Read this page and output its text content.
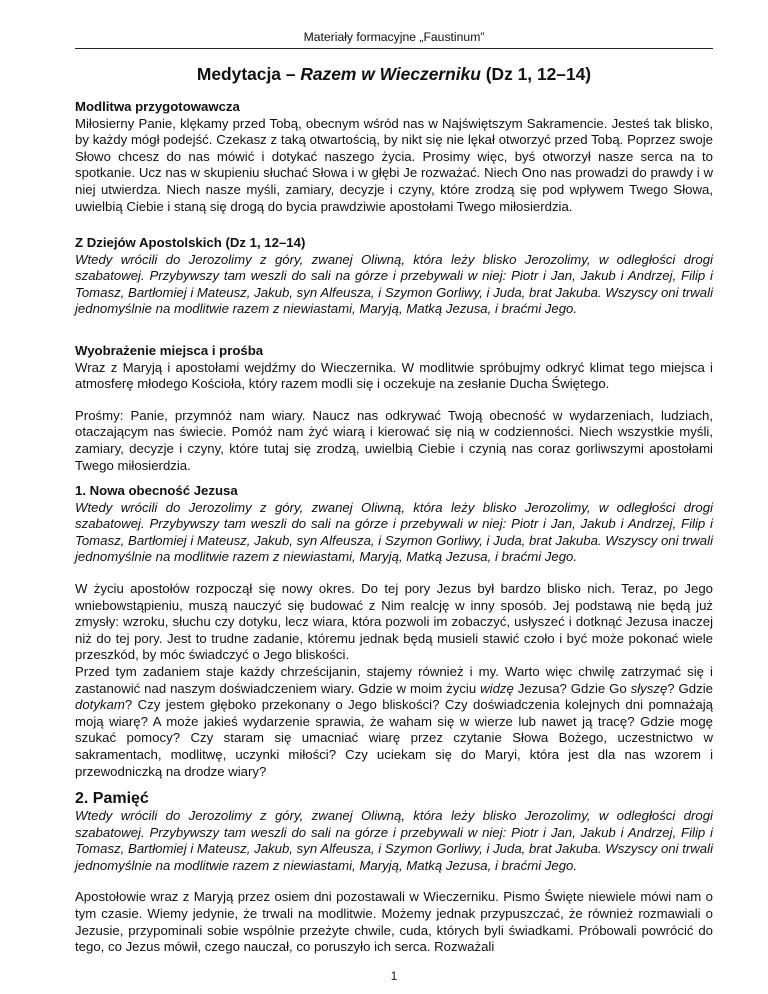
Materiały formacyjne „Faustinum”
Medytacja – Razem w Wieczerniku (Dz 1, 12–14)

Modlitwa przygotowawcza

Miłosierny Panie, klękamy przed Tobą, obecnym wśród nas w Najświętszym Sakramencie. Jesteś tak blisko, by każdy mógł podejść. Czekasz z taką otwartością, by nikt się nie lękał otworzyć przed Tobą. Poprzez swoje Słowo chcesz do nas mówić i dotykać naszego życia. Prosimy więc, byś otworzył nasze serca na to spotkanie. Ucz nas w skupieniu słuchać Słowa i w głębi Je rozważać. Niech Ono nas prowadzi do prawdy i w niej utwierdza. Niech nasze myśli, zamiary, decyzje i czyny, które zrodzą się pod wpływem Twego Słowa, uwielbią Ciebie i staną się drogą do bycia prawdziwie apostołami Twego miłosierdzia.

Z Dziejów Apostolskich (Dz 1, 12–14)

Wtedy wrócili do Jerozolimy z góry, zwanej Oliwną, która leży blisko Jerozolimy, w odległości drogi szabatowej. Przybywszy tam weszli do sali na górze i przebywali w niej: Piotr i Jan, Jakub i Andrzej, Filip i Tomasz, Bartłomiej i Mateusz, Jakub, syn Alfeusza, i Szymon Gorliwy, i Juda, brat Jakuba. Wszyscy oni trwali jednomyślnie na modlitwie razem z niewiastami, Maryją, Matką Jezusa, i braćmi Jego.

Wyobrażenie miejsca i prośba

Wraz z Maryją i apostołami wejdźmy do Wieczernika. W modlitwie spróbujmy odkryć klimat tego miejsca i atmosferę młodego Kościoła, który razem modli się i oczekuje na zesłanie Ducha Świętego.

Prośmy: Panie, przymnóż nam wiary. Naucz nas odkrywać Twoją obecność w wydarzeniach, ludziach, otaczającym nas świecie. Pomóż nam żyć wiarą i kierować się nią w codzienności. Niech wszystkie myśli, zamiary, decyzje i czyny, które tutaj się zrodzą, uwielbią Ciebie i czynią nas coraz gorliwszymi apostołami Twego miłosierdzia.

1. Nowa obecność Jezusa

Wtedy wrócili do Jerozolimy z góry, zwanej Oliwną, która leży blisko Jerozolimy, w odległości drogi szabatowej. Przybywszy tam weszli do sali na górze i przebywali w niej: Piotr i Jan, Jakub i Andrzej, Filip i Tomasz, Bartłomiej i Mateusz, Jakub, syn Alfeusza, i Szymon Gorliwy, i Juda, brat Jakuba. Wszyscy oni trwali jednomyślnie na modlitwie razem z niewiastami, Maryją, Matką Jezusa, i braćmi Jego.

W życiu apostołów rozpoczął się nowy okres. Do tej pory Jezus był bardzo blisko nich. Teraz, po Jego wniebowstąpieniu, muszą nauczyć się budować z Nim realcję w inny sposób. Jej podstawą nie będą już zmysły: wzroku, słuchu czy dotyku, lecz wiara, która pozwoli im zobaczyć, usłyszeć i dotknąć Jezusa inaczej niż do tej pory. Jest to trudne zadanie, któremu jednak będą musieli stawić czoło i być może pokonać wiele przeszkód, by móc świadczyć o Jego bliskości.

Przed tym zadaniem staje każdy chrześcijanin, stajemy również i my. Warto więc chwilę zatrzymać się i zastanowić nad naszym doświadczeniem wiary. Gdzie w moim życiu widzę Jezusa? Gdzie Go słyszę? Gdzie dotykam? Czy jestem głęboko przekonany o Jego bliskości? Czy doświadczenia kolejnych dni pomnażają moją wiarę? A może jakieś wydarzenie sprawia, że waham się w wierze lub nawet ją tracę? Gdzie mogę szukać pomocy? Czy staram się umacniać wiarę przez czytanie Słowa Bożego, uczestnictwo w sakramentach, modlitwę, uczynki miłości? Czy uciekam się do Maryi, która jest dla nas wzorem i przewodniczką na drodze wiary?

2. Pamięć

Wtedy wrócili do Jerozolimy z góry, zwanej Oliwną, która leży blisko Jerozolimy, w odległości drogi szabatowej. Przybywszy tam weszli do sali na górze i przebywali w niej: Piotr i Jan, Jakub i Andrzej, Filip i Tomasz, Bartłomiej i Mateusz, Jakub, syn Alfeusza, i Szymon Gorliwy, i Juda, brat Jakuba. Wszyscy oni trwali jednomyślnie na modlitwie razem z niewiastami, Maryją, Matką Jezusa, i braćmi Jego.

Apostołowie wraz z Maryją przez osiem dni pozostawali w Wieczerniku. Pismo Święte niewiele mówi nam o tym czasie. Wiemy jedynie, że trwali na modlitwie. Możemy jednak przypuszczać, że również rozmawiali o Jezusie, przypominali sobie wspólnie przeżyte chwile, cuda, których byli świadkami. Próbowali powrócić do tego, co Jezus mówił, czego nauczał, co poruszyło ich serca. Rozważali

1
